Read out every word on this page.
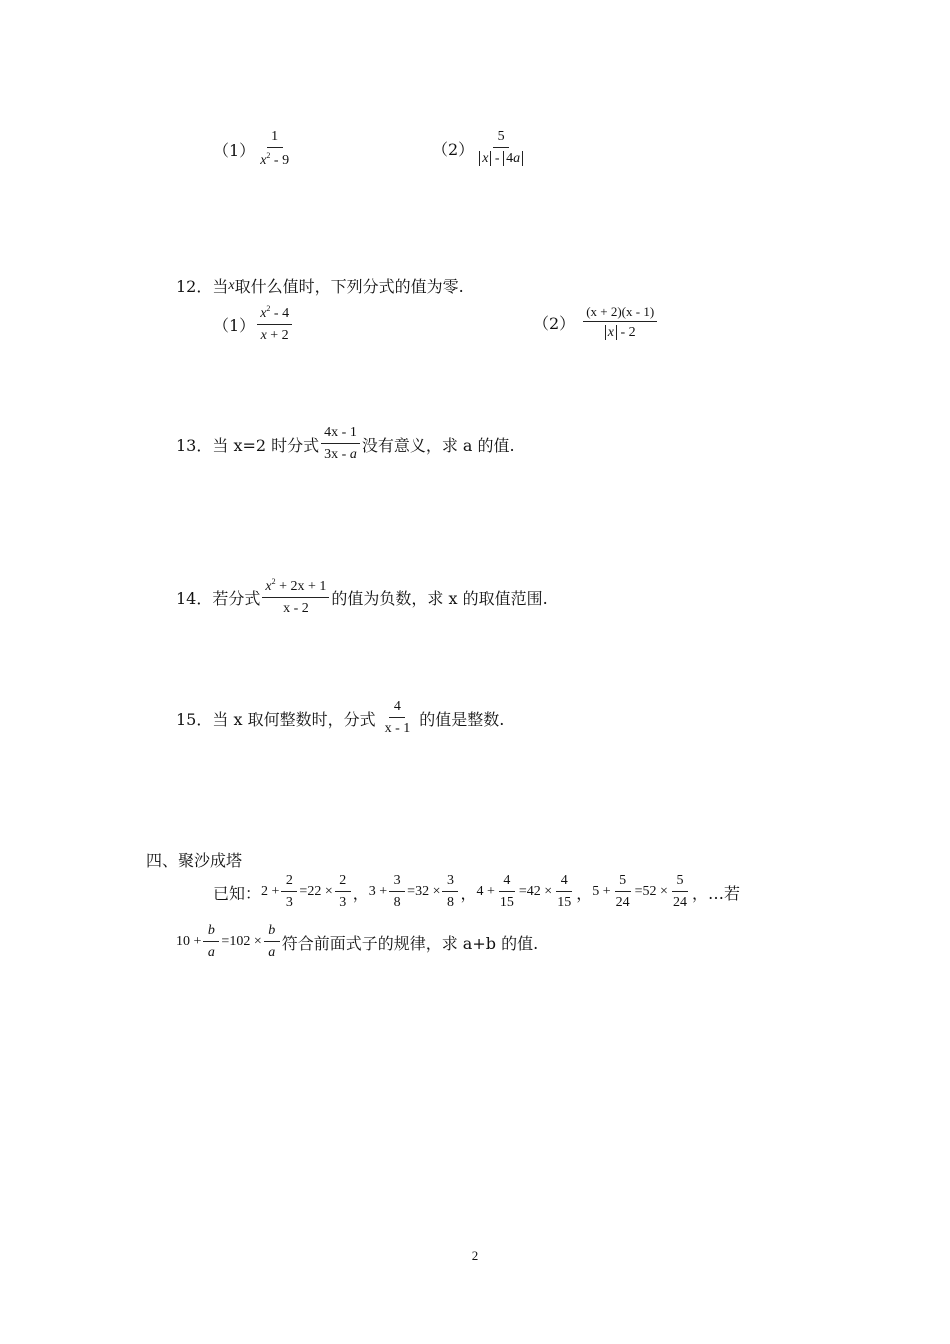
$(1) \frac{1}{x^2 - 9}$	$(2) \frac{5}{x - 4a}$
12． 当 x 取什么值时，下列分式的值为零.
$(1) \frac{x^2 - 4}{x + 2}$	$(2) \frac{(x + 2)(x - 1)}{x - 2}$
13． 当 x=2 时分式 $\frac{4x - 1}{3x - a}$ 没有意义，求 a 的值.
14． 若分式 $\frac{x^2 + 2x + 1}{x - 2}$ 的值为负数，求 x 的取值范围.
15． 当 x 取何整数时，分式 $\frac{4}{x - 1}$ 的值是整数.
四、聚沙成塔
已知： $2 + \frac{2}{3} = 2$ $2 \times \frac{2}{3}$ ， $3 + \frac{3}{8} = 3$ $2 \times \frac{3}{8}$ ， $4 + \frac{4}{15} = 4$ $2 \times \frac{4}{15}$ ， $5 + \frac{5}{24} = 5$ $2 \times \frac{5}{24}$ ，…若
$10 + \frac{b}{a} = 10$ $2 \times \frac{b}{a}$ 符合前面式子的规律，求 a+b 的值.
2
